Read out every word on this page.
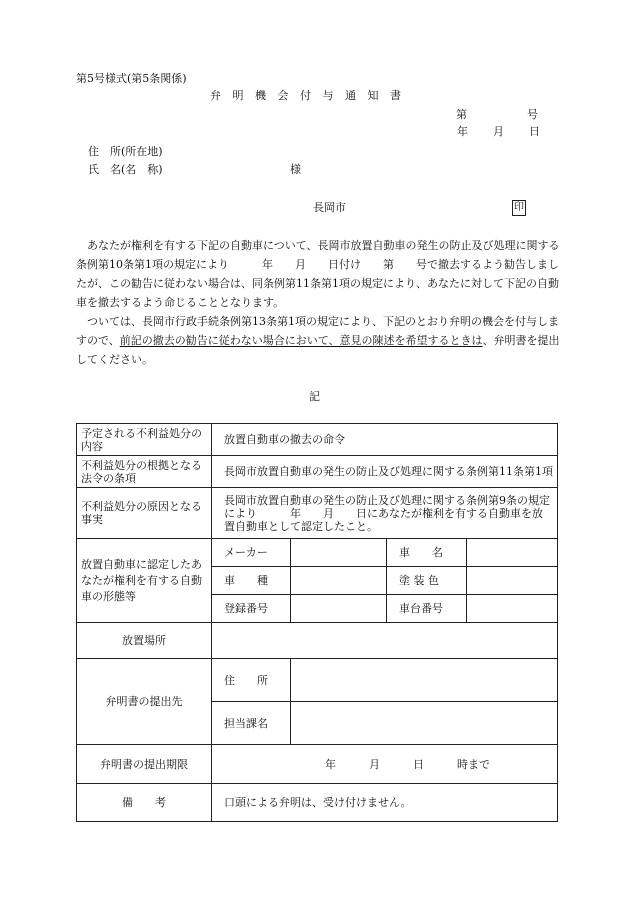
第5号様式(第5条関係)
弁 明 機 会 付 与 通 知 書
第	号
年 月 日
住　所(所在地)
氏　名(名　称)	様
長岡市	印

あなたが権利を有する下記の自動車について、長岡市放置自動車の発生の防止及び処理に関する条例第10条第1項の規定により　　　年　　月　　日付け　　第　　号で撤去するよう勧告しましたが、この勧告に従わない場合は、同条例第11条第1項の規定により、あなたに対して下記の自動車を撤去するよう命じることとなります。

ついては、長岡市行政手続条例第13条第1項の規定により、下記のとおり弁明の機会を付与しますので、前記の撤去の勧告に従わない場合において、意見の陳述を希望するときは、弁明書を提出してください。

記
予定される不利益処分の内容	放置自動車の撤去の命令			
不利益処分の根拠となる法令の条項	長岡市放置自動車の発生の防止及び処理に関する条例第11条第1項			
不利益処分の原因となる事実	長岡市放置自動車の発生の防止及び処理に関する条例第9条の規定により　　　年　　月　　日にあなたが権利を有する自動車を放置自動車として認定したこと。			
放置自動車に認定したあなたが権利を有する自動車の形態等	メーカー		車　　名	
	車　　種		塗 装 色	
	登録番号		車台番号	
放置場所				
弁明書の提出先	住　　所			
	担当課名			
弁明書の提出期限	年　　　月　　　日　　　時まで			
備　　考	口頭による弁明は、受け付けません。			
